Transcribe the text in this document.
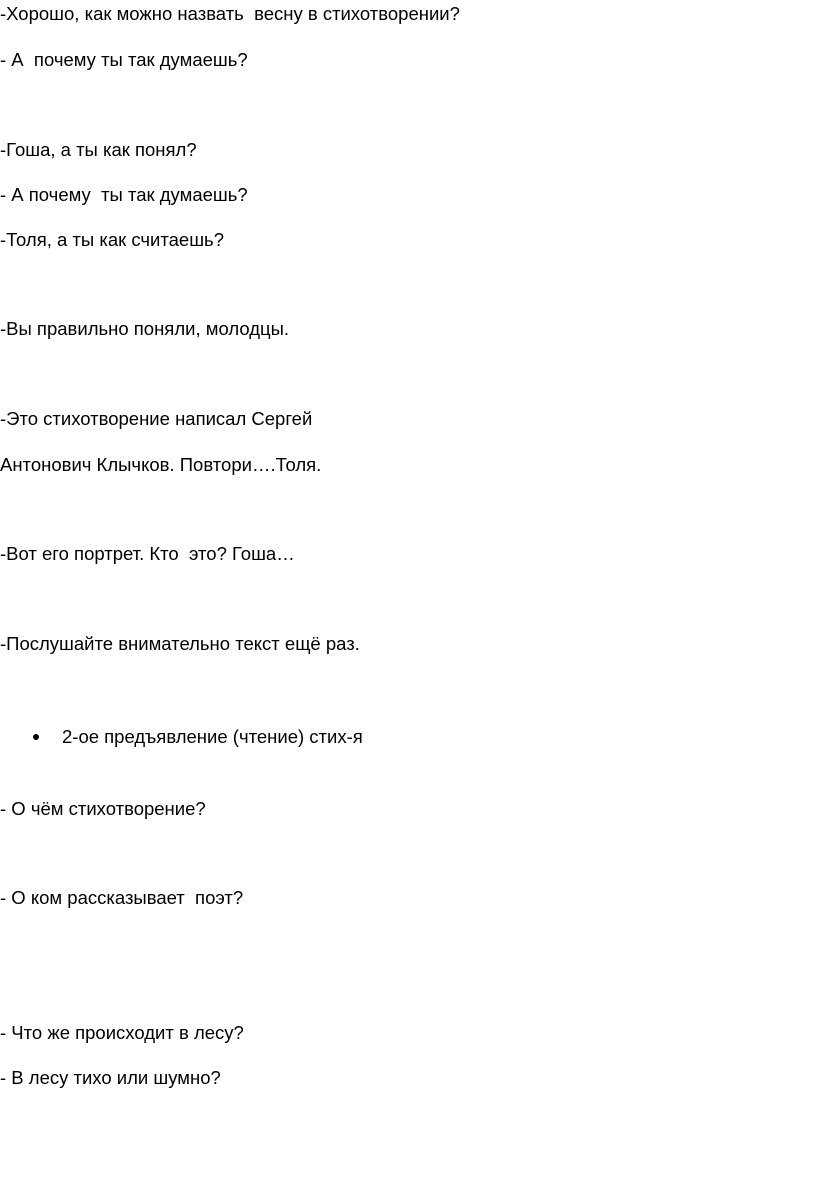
-Хорошо, как можно назвать  весну в стихотворении?
- А  почему ты так думаешь?
-Гоша, а ты как понял?
- А почему  ты так думаешь?
-Толя, а ты как считаешь?
-Вы правильно поняли, молодцы.
-Это стихотворение написал Сергей
Антонович Клычков. Повтори….Толя.
-Вот его портрет. Кто  это? Гоша…
-Послушайте внимательно текст ещё раз.
2-ое предъявление (чтение) стих-я
- О чём стихотворение?
- О ком рассказывает  поэт?
- Что же происходит в лесу?
- В лесу тихо или шумно?
